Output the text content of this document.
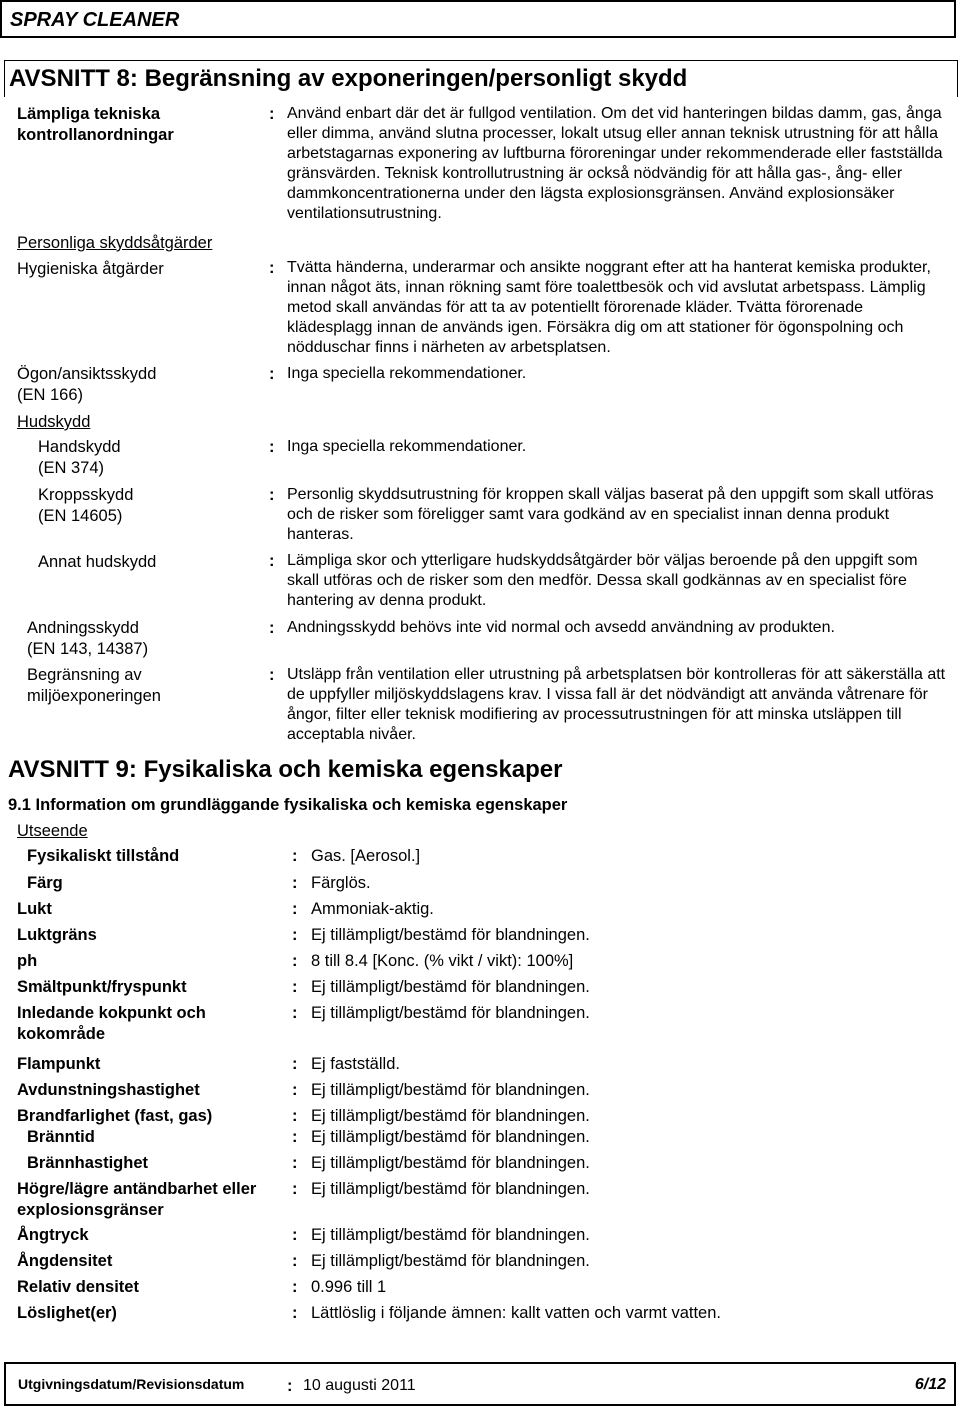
SPRAY CLEANER
AVSNITT 8: Begränsning av exponeringen/personligt skydd
Lämpliga tekniska
kontrollanordningar
: Använd enbart där det är fullgod ventilation. Om det vid hanteringen bildas damm, gas, ånga eller dimma, använd slutna processer, lokalt utsug eller annan teknisk utrustning för att hålla arbetstagarnas exponering av luftburna föroreningar under rekommenderade eller fastställda gränsvärden. Teknisk kontrollutrustning är också nödvändig för att hålla gas-, ång- eller dammkoncentrationerna under den lägsta explosionsgränsen. Använd explosionsäker ventilationsutrustning.
Personliga skyddsåtgärder
Hygieniska åtgärder	: Tvätta händerna, underarmar och ansikte noggrant efter att ha hanterat kemiska produkter, innan något äts, innan rökning samt före toalettbesök och vid avslutat arbetspass. Lämplig metod skall användas för att ta av potentiellt förorenade kläder. Tvätta förorenade klädesplagg innan de används igen. Försäkra dig om att stationer för ögonspolning och nödduschar finns i närheten av arbetsplatsen.
Ögon/ansiktsskydd
(EN 166)
: Inga speciella rekommendationer.
Hudskydd
Handskydd
(EN 374)
: Inga speciella rekommendationer.
Kroppsskydd
(EN 14605)
: Personlig skyddsutrustning för kroppen skall väljas baserat på den uppgift som skall utföras och de risker som föreligger samt vara godkänd av en specialist innan denna produkt hanteras.
Annat hudskydd	: Lämpliga skor och ytterligare hudskyddsåtgärder bör väljas beroende på den uppgift som skall utföras och de risker som den medför. Dessa skall godkännas av en specialist före hantering av denna produkt.
Andningsskydd
(EN 143, 14387)
: Andningsskydd behövs inte vid normal och avsedd användning av produkten.
Begränsning av
miljöexponeringen
: Utsläpp från ventilation eller utrustning på arbetsplatsen bör kontrolleras för att säkerställa att de uppfyller miljöskyddslagens krav. I vissa fall är det nödvändigt att använda våtrenare för ångor, filter eller teknisk modifiering av processutrustningen för att minska utsläppen till acceptabla nivåer.
AVSNITT 9: Fysikaliska och kemiska egenskaper
9.1 Information om grundläggande fysikaliska och kemiska egenskaper
Utseende
Fysikaliskt tillstånd	: Gas. [Aerosol.]
Färg	: Färglös.
Lukt	: Ammoniak-aktig.
Luktgräns	: Ej tillämpligt/bestämd för blandningen.
ph	: 8 till 8.4 [Konc. (% vikt / vikt): 100%]
Smältpunkt/fryspunkt	: Ej tillämpligt/bestämd för blandningen.
Inledande kokpunkt och
kokområde
: Ej tillämpligt/bestämd för blandningen.
Flampunkt	: Ej fastställd.
Avdunstningshastighet	: Ej tillämpligt/bestämd för blandningen.
Brandfarlighet (fast, gas)	: Ej tillämpligt/bestämd för blandningen.
Bränntid	: Ej tillämpligt/bestämd för blandningen.
Brännhastighet	: Ej tillämpligt/bestämd för blandningen.
Högre/lägre antändbarhet eller
explosionsgränser
: Ej tillämpligt/bestämd för blandningen.
Ångtryck	: Ej tillämpligt/bestämd för blandningen.
Ångdensitet	: Ej tillämpligt/bestämd för blandningen.
Relativ densitet	: 0.996 till 1
Löslighet(er)	: Lättlöslig i följande ämnen: kallt vatten och varmt vatten.
Utgivningsdatum/Revisionsdatum	: 10 augusti 2011	6/12
